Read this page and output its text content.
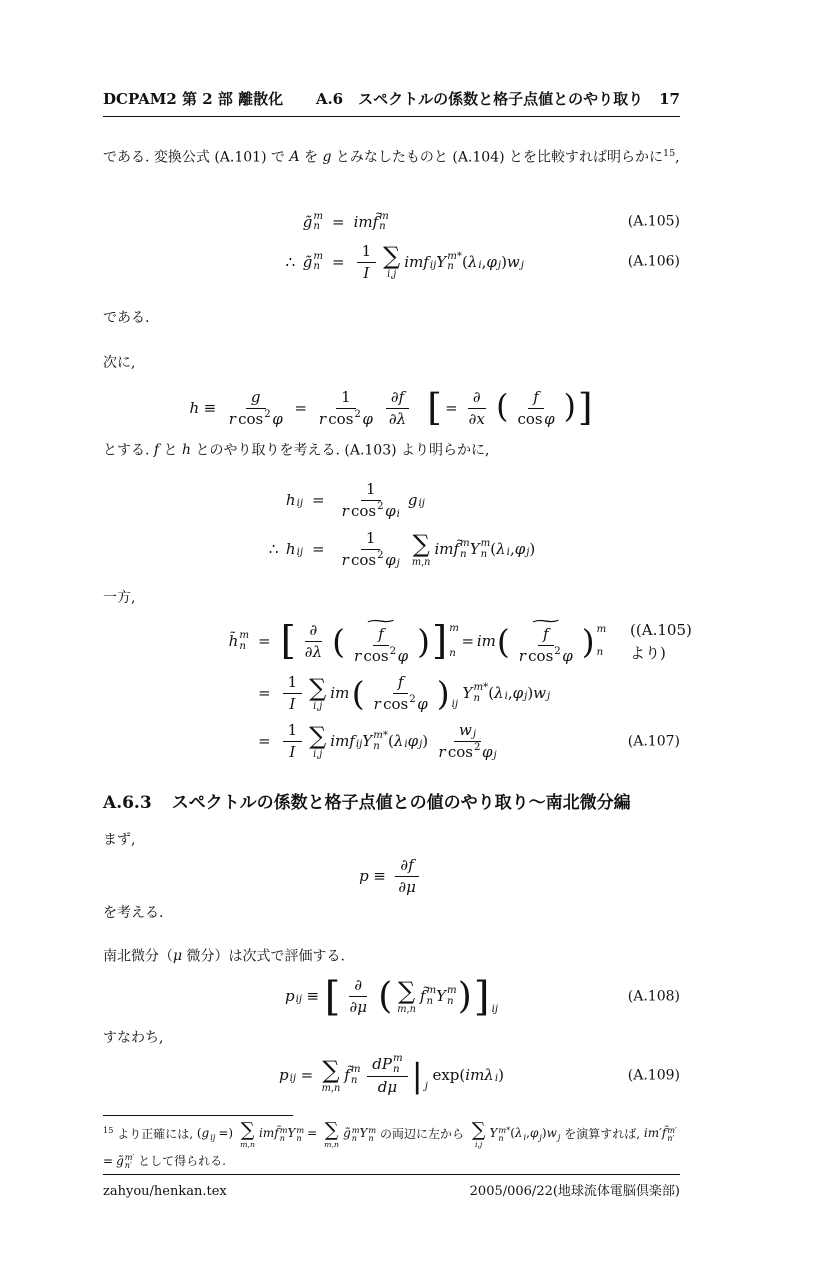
DCPAM2 第 2 部 離散化 A.6　スペクトルの係数と格子点値とのやり取り 17

である. 変換公式 (A.101) で A を g とみなしたものと (A.104) とを比較すれば明らかに$^{15}$,

g̃ m
n = im f̃ m
n	(A.105)
∴ g̃ m
n =
1
I
∑
i , j
im f ij Y m*
n ( λ i , φ j ) w j	(A.106)

である.

次に,

h ≡
g
r cos 2 φ
=
1
r cos 2 φ
∂ f
∂ λ [ =
∂
∂ x ( f
cos φ ) ]

とする. f と h とのやり取りを考える. (A.103) より明らかに,

h ij =
1
r cos 2 φ i
g ij
∴ h ij =
1
r cos 2 φ j
∑
m , n
im f̃ m
n Y m
n ( λ i , φ j )

一方,

h̃ m
n = [ ∂
∂ λ (
∼
f
r cos 2 φ ) ] m
n
= im (
∼
f
r cos 2 φ ) m
n
((A.105) より)
=
1
I
∑
i , j
im ( f
r cos 2 φ ) ij
Y m*
n ( λ i , φ j ) w j
=
1
I
∑
i , j
im f ij Y m*
n ( λ i φ j )
w j
r cos 2 φ j
(A.107)
A.6.3 スペクトルの係数と格子点値との値のやり取り〜南北微分編

まず,

p ≡
∂ f
∂ μ

を考える.

南北微分（ μ 微分）は次式で評価する.

p ij ≡ [ ∂
∂ μ ( ∑
m , n
f̃ m
n Y m
n ) ] ij
(A.108)

すなわち,

p ij = ∑
m , n
f̃ m
n
d P m
n
d μ | j
exp ( im λ i )	(A.109)
$^{15}$ より正確には, ( g ij =) ∑
m , n
im f̃ m
n Y m
n = ∑
m , n
g̃ m
n Y m
n の両辺に左から ∑
i , j
Y m*
n ( λ i , φ j ) w j を演算すれば, im′ f̃ m′
n′
= g̃ m′
n′ として得られる.
zahyou/henkan.tex	2005/006/22(地球流体電脳倶楽部)
